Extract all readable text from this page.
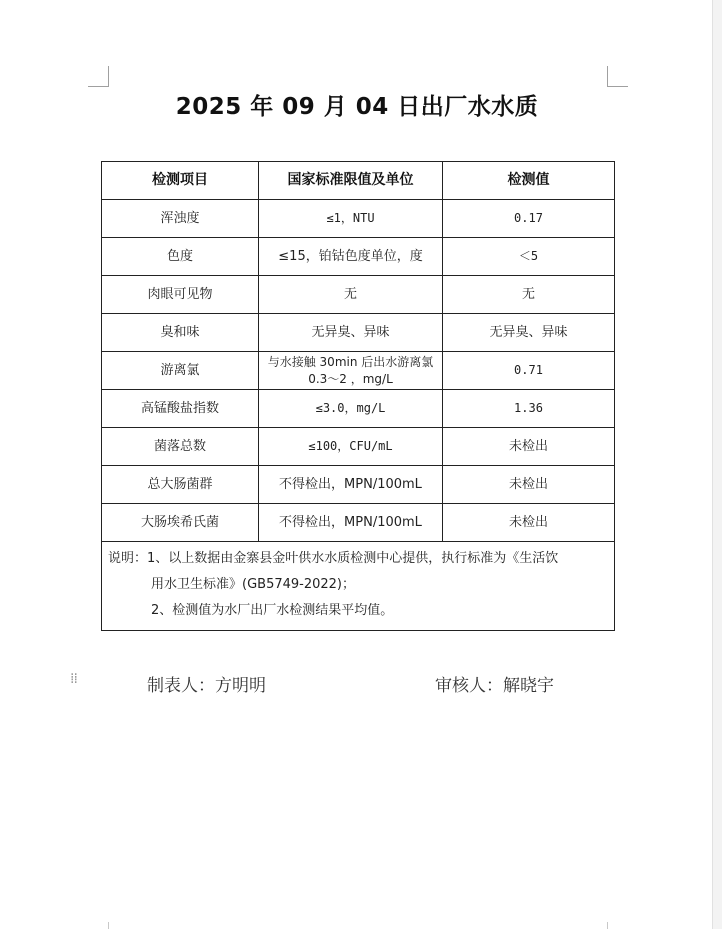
2025 年 09 月 04 日出厂水水质
检测项目	国家标准限值及单位	检测值
浑浊度	≤1，NTU	0.17
色度	≤15，铂钴色度单位，度	＜5
肉眼可见物	无	无
臭和味	无异臭、异味	无异臭、异味
游离氯	与水接触 30min 后出水游离氯 0.3～2 ，mg/L	0.71
高锰酸盐指数	≤3.0，mg/L	1.36
菌落总数	≤100，CFU/mL	未检出
总大肠菌群	不得检出，MPN/100mL	未检出
大肠埃希氏菌	不得检出，MPN/100mL	未检出

说明：1、以上数据由金寨县金叶供水水质检测中心提供，执行标准为《生活饮
用水卫生标准》(GB5749-2022)；
2、检测值为水厂出厂水检测结果平均值。		
⁞⁞	制表人：方明明	审核人：解晓宇
